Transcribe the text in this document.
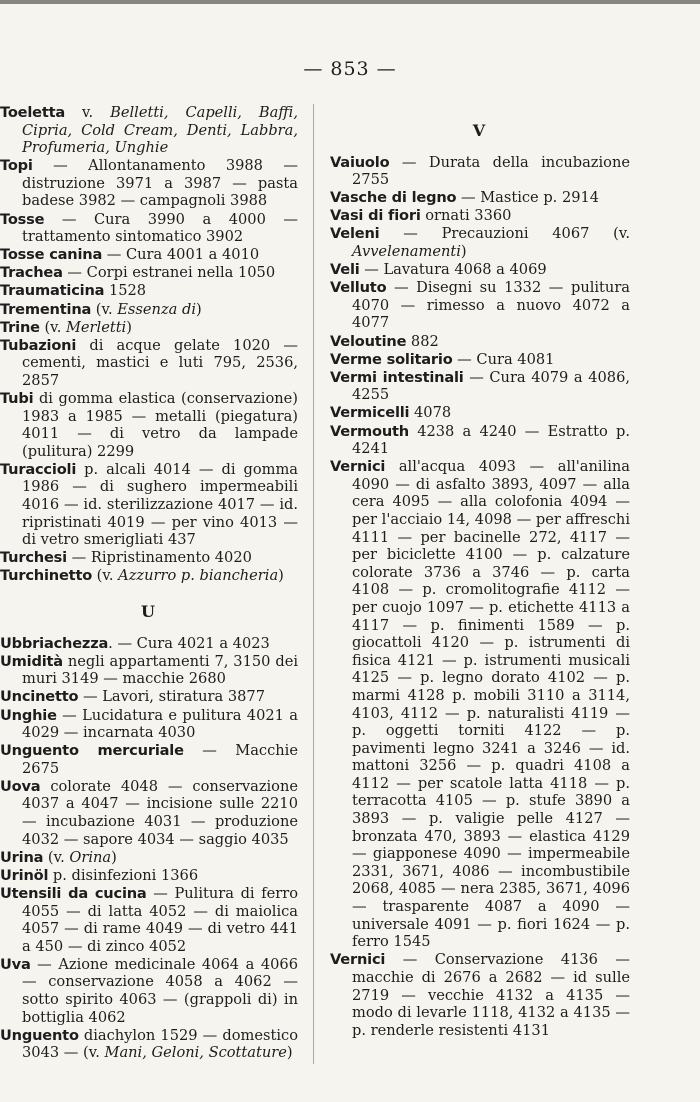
— 853 —
Toeletta v. Belletti, Capelli, Baffi, Cipria, Cold Cream, Denti, Labbra, Profumeria, Unghie
Topi — Allontanamento 3988 — distruzione 3971 a 3987 — pasta badese 3982 — campagnoli 3988
Tosse — Cura 3990 a 4000 — trattamento sintomatico 3902
Tosse canina — Cura 4001 a 4010
Trachea — Corpi estranei nella 1050
Traumaticina 1528
Trementina (v. Essenza di)
Trine (v. Merletti)
Tubazioni di acque gelate 1020 — cementi, mastici e luti 795, 2536, 2857
Tubi di gomma elastica (conservazione) 1983 a 1985 — metalli (piegatura) 4011 — di vetro da lampade (pulitura) 2299
Turaccioli p. alcali 4014 — di gomma 1986 — di sughero impermeabili 4016 — id. sterilizzazione 4017 — id. ripristinati 4019 — per vino 4013 — di vetro smerigliati 437
Turchesi — Ripristinamento 4020
Turchinetto (v. Azzurro p. biancheria)
U
Ubbriachezza. — Cura 4021 a 4023
Umidità negli appartamenti 7, 3150 dei muri 3149 — macchie 2680
Uncinetto — Lavori, stiratura 3877
Unghie — Lucidatura e pulitura 4021 a 4029 — incarnata 4030
Unguento mercuriale — Macchie 2675
Uova colorate 4048 — conservazione 4037 a 4047 — incisione sulle 2210 — incubazione 4031 — produzione 4032 — sapore 4034 — saggio 4035
Urina (v. Orina)
Urinöl p. disinfezioni 1366
Utensili da cucina — Pulitura di ferro 4055 — di latta 4052 — di maiolica 4057 — di rame 4049 — di vetro 441 a 450 — di zinco 4052
Uva — Azione medicinale 4064 a 4066 — conservazione 4058 a 4062 — sotto spirito 4063 — (grappoli di) in bottiglia 4062
Unguento diachylon 1529 — domestico 3043 — (v. Mani, Geloni, Scottature)
V
Vaiuolo — Durata della incubazione 2755
Vasche di legno — Mastice p. 2914
Vasi di fiori ornati 3360
Veleni — Precauzioni 4067 (v. Avvelenamenti)
Veli — Lavatura 4068 a 4069
Velluto — Disegni su 1332 — pulitura 4070 — rimesso a nuovo 4072 a 4077
Veloutine 882
Verme solitario — Cura 4081
Vermi intestinali — Cura 4079 a 4086, 4255
Vermicelli 4078
Vermouth 4238 a 4240 — Estratto p. 4241
Vernici all'acqua 4093 — all'anilina 4090 — di asfalto 3893, 4097 — alla cera 4095 — alla colofonia 4094 — per l'acciaio 14, 4098 — per affreschi 4111 — per bacinelle 272, 4117 — per biciclette 4100 — p. calzature colorate 3736 a 3746 — p. carta 4108 — p. cromolitografie 4112 — per cuojo 1097 — p. etichette 4113 a 4117 — p. finimenti 1589 — p. giocattoli 4120 — p. istrumenti di fisica 4121 — p. istrumenti musicali 4125 — p. legno dorato 4102 — p. marmi 4128 p. mobili 3110 a 3114, 4103, 4112 — p. naturalisti 4119 — p. oggetti torniti 4122 — p. pavimenti legno 3241 a 3246 — id. mattoni 3256 — p. quadri 4108 a 4112 — per scatole latta 4118 — p. terracotta 4105 — p. stufe 3890 a 3893 — p. valigie pelle 4127 — bronzata 470, 3893 — elastica 4129 — giapponese 4090 — impermeabile 2331, 3671, 4086 — incombustibile 2068, 4085 — nera 2385, 3671, 4096 — trasparente 4087 a 4090 — universale 4091 — p. fiori 1624 — p. ferro 1545
Vernici — Conservazione 4136 — macchie di 2676 a 2682 — id sulle 2719 — vecchie 4132 a 4135 — modo di levarle 1118, 4132 a 4135 — p. renderle resistenti 4131
